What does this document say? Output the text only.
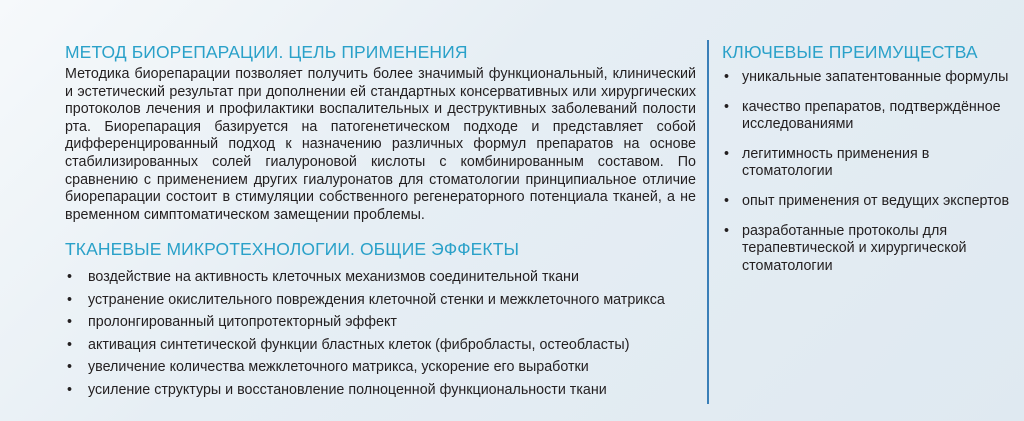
МЕТОД БИОРЕПАРАЦИИ. ЦЕЛЬ ПРИМЕНЕНИЯ

Методика биорепарации позволяет получить более значимый функциональный, клинический и эстетический результат при дополнении ей стандартных консервативных или хирургических протоколов лечения и профилактики воспалительных и деструктивных заболеваний полости рта. Биорепарация базируется на патогенетическом подходе и представляет собой дифференцированный подход к назначению различных формул препаратов на основе стабилизированных солей гиалуроновой кислоты с комбинированным составом. По сравнению с применением других гиалуронатов для стоматологии принципиальное отличие биорепарации состоит в стимуляции собственного регенераторного потенциала тканей, а не временном симптоматическом замещении проблемы.

ТКАНЕВЫЕ МИКРОТЕХНОЛОГИИ. ОБЩИЕ ЭФФЕКТЫ
• воздействие на активность клеточных механизмов соединительной ткани
• устранение окислительного повреждения клеточной стенки и межклеточного матрикса
• пролонгированный цитопротекторный эффект
• активация синтетической функции бластных клеток (фибробласты, остеобласты)
• увеличение количества межклеточного матрикса, ускорение его выработки
• усиление структуры и восстановление полноценной функциональности ткани
КЛЮЧЕВЫЕ ПРЕИМУЩЕСТВА
• уникальные запатентованные формулы
• качество препаратов, подтверждённое исследованиями
• легитимность применения в стоматологии
• опыт применения от ведущих экспертов
• разработанные протоколы для терапевтической и хирургической стоматологии
